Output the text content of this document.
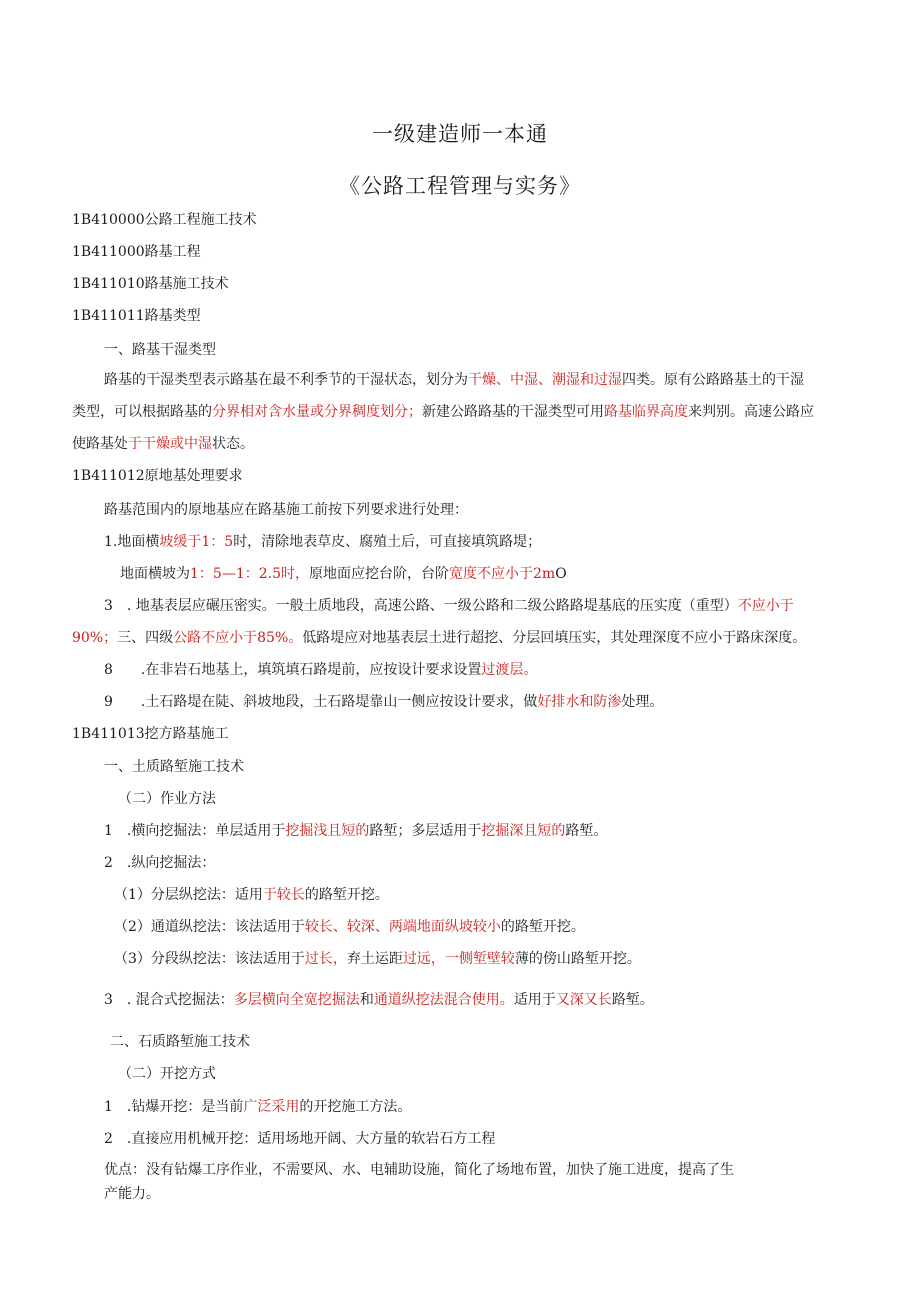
一级建造师一本通
《公路工程管理与实务》
1B410000公路工程施工技术
1B411000路基工程
1B411010路基施工技术
1B411011路基类型
一、路基干湿类型
路基的干湿类型表示路基在最不利季节的干湿状态，划分为干燥、中湿、潮湿和过湿四类。原有公路路基土的干湿
类型，可以根据路基的分界相对含水量或分界稠度划分；新建公路路基的干湿类型可用路基临界高度来判别。高速公路应
使路基处于干燥或中湿状态。
1B411012原地基处理要求
路基范围内的原地基应在路基施工前按下列要求进行处理：
1.地面横坡缓于1：5时，清除地表草皮、腐殖土后，可直接填筑路堤；
地面横坡为1：5—1：2.5时，原地面应挖台阶，台阶宽度不应小于2mO
3　. 地基表层应碾压密实。一般土质地段，高速公路、一级公路和二级公路路堤基底的压实度（重型）不应小于
90%；三、四级公路不应小于85%。低路堤应对地基表层土进行超挖、分层回填压实，其处理深度不应小于路床深度。
8　　.在非岩石地基上，填筑填石路堤前，应按设计要求设置过渡层。
9　　.土石路堤在陡、斜坡地段，土石路堤靠山一侧应按设计要求，做好排水和防渗处理。
1B411013挖方路基施工
一、土质路堑施工技术
（二）作业方法
1　.横向挖掘法：单层适用于挖掘浅且短的路堑；多层适用于挖掘深且短的路堑。
2　.纵向挖掘法：
（1）分层纵挖法：适用于较长的路堑开挖。
（2）通道纵挖法：该法适用于较长、较深、两端地面纵坡较小的路堑开挖。
（3）分段纵挖法：该法适用于过长，弃土运距过远，一侧堑壁较薄的傍山路堑开挖。
3　. 混合式挖掘法：多层横向全宽挖掘法和通道纵挖法混合使用。适用于又深又长路堑。
二、石质路堑施工技术
（二）开挖方式
1　.钻爆开挖：是当前广泛采用的开挖施工方法。
2　.直接应用机械开挖：适用场地开阔、大方量的软岩石方工程
优点：没有钻爆工序作业，不需要风、水、电辅助设施，简化了场地布置，加快了施工进度，提高了生
产能力。
